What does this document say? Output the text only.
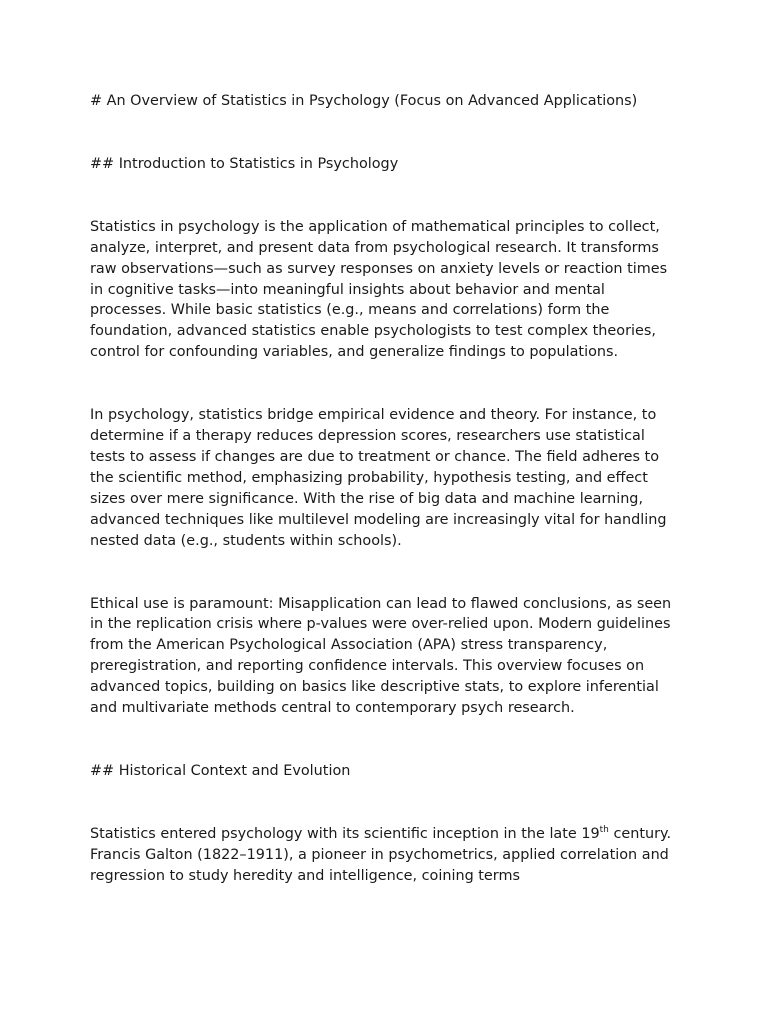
# An Overview of Statistics in Psychology (Focus on Advanced Applications)

## Introduction to Statistics in Psychology

Statistics in psychology is the application of mathematical principles to collect, analyze, interpret, and present data from psychological research. It transforms raw observations—such as survey responses on anxiety levels or reaction times in cognitive tasks—into meaningful insights about behavior and mental processes. While basic statistics (e.g., means and correlations) form the foundation, advanced statistics enable psychologists to test complex theories, control for confounding variables, and generalize findings to populations.

In psychology, statistics bridge empirical evidence and theory. For instance, to determine if a therapy reduces depression scores, researchers use statistical tests to assess if changes are due to treatment or chance. The field adheres to the scientific method, emphasizing probability, hypothesis testing, and effect sizes over mere significance. With the rise of big data and machine learning, advanced techniques like multilevel modeling are increasingly vital for handling nested data (e.g., students within schools).

Ethical use is paramount: Misapplication can lead to flawed conclusions, as seen in the replication crisis where p-values were over-relied upon. Modern guidelines from the American Psychological Association (APA) stress transparency, preregistration, and reporting confidence intervals. This overview focuses on advanced topics, building on basics like descriptive stats, to explore inferential and multivariate methods central to contemporary psych research.

## Historical Context and Evolution

Statistics entered psychology with its scientific inception in the late 19th century. Francis Galton (1822–1911), a pioneer in psychometrics, applied correlation and regression to study heredity and intelligence, coining terms
